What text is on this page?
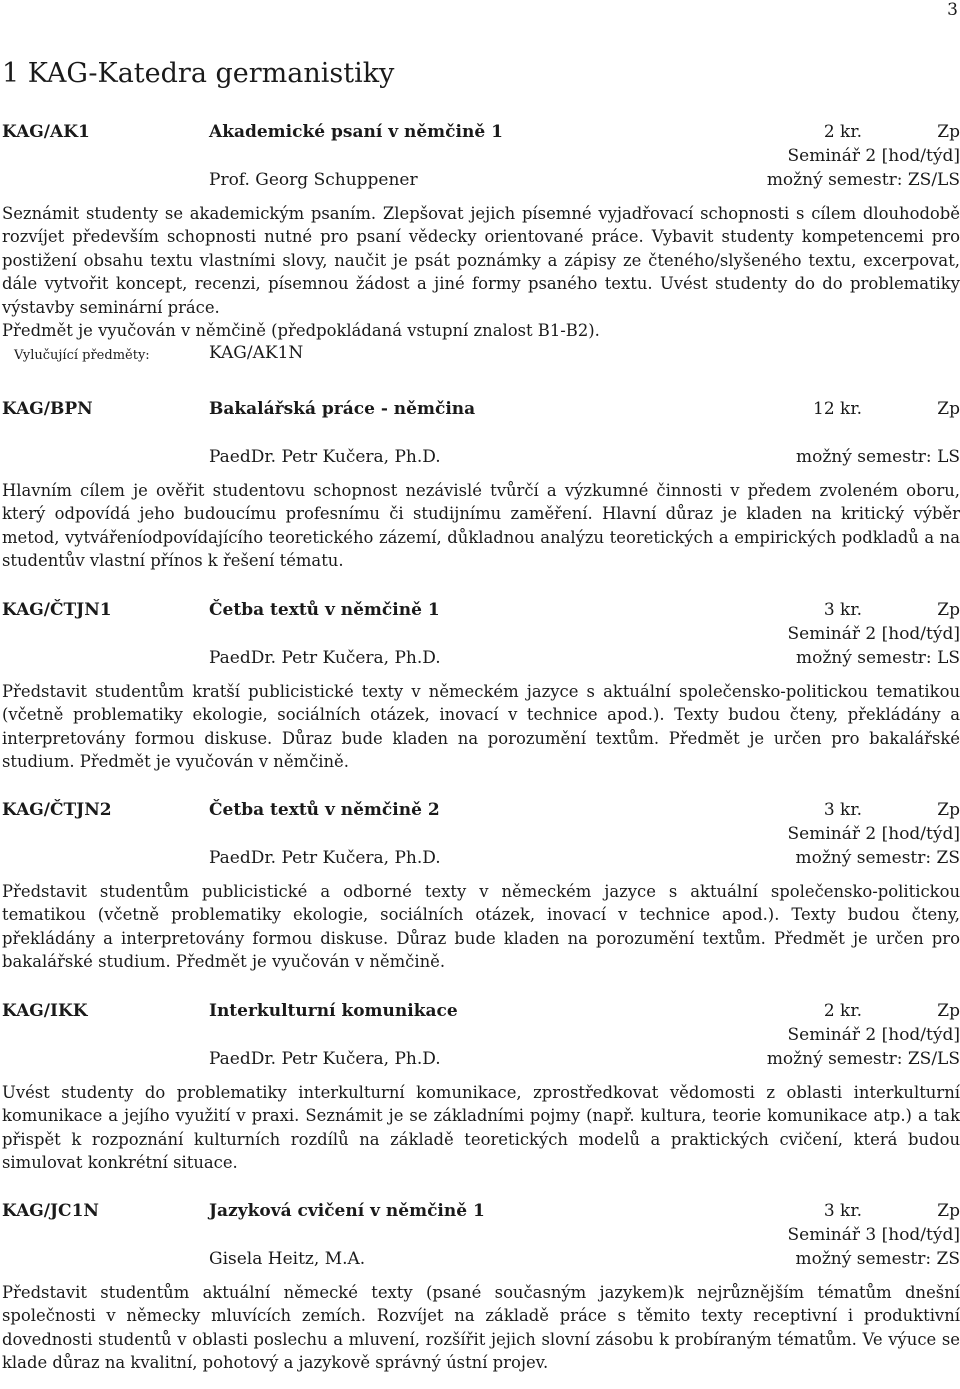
3
1 KAG-Katedra germanistiky
KAG/AK1	Akademické psaní v němčině 1	2 kr.	Zp
Seminář 2 [hod/týd]
Prof. Georg Schuppener	možný semestr: ZS/LS
Seznámit studenty se akademickým psaním. Zlepšovat jejich písemné vyjadřovací schopnosti s cílem dlouhodobě rozvíjet především schopnosti nutné pro psaní vědecky orientované práce. Vybavit studenty kompetencemi pro postižení obsahu textu vlastními slovy, naučit je psát poznámky a zápisy ze čteného/slyšeného textu, excerpovat, dále vytvořit koncept, recenzi, písemnou žádost a jiné formy psaného textu. Uvést studenty do do problematiky výstavby seminární práce.
Předmět je vyučován v němčině (předpokládaná vstupní znalost B1-B2).
Vylučující předměty:	KAG/AK1N
KAG/BPN	Bakalářská práce - němčina	12 kr.	Zp
PaedDr. Petr Kučera, Ph.D.	možný semestr: LS
Hlavním cílem je ověřit studentovu schopnost nezávislé tvůrčí a výzkumné činnosti v předem zvoleném oboru, který odpovídá jeho budoucímu profesnímu či studijnímu zaměření. Hlavní důraz je kladen na kritický výběr metod, vytvářeníodpovídajícího teoretického zázemí, důkladnou analýzu teoretických a empirických podkladů a na studentův vlastní přínos k řešení tématu.
KAG/ČTJN1	Četba textů v němčině 1	3 kr.	Zp
Seminář 2 [hod/týd]
PaedDr. Petr Kučera, Ph.D.	možný semestr: LS
Představit studentům kratší publicistické texty v německém jazyce s aktuální společensko-politickou tematikou (včetně problematiky ekologie, sociálních otázek, inovací v technice apod.). Texty budou čteny, překládány a interpretovány formou diskuse. Důraz bude kladen na porozumění textům. Předmět je určen pro bakalářské studium. Předmět je vyučován v němčině.
KAG/ČTJN2	Četba textů v němčině 2	3 kr.	Zp
Seminář 2 [hod/týd]
PaedDr. Petr Kučera, Ph.D.	možný semestr: ZS
Představit studentům publicistické a odborné texty v německém jazyce s aktuální společensko-politickou tematikou (včetně problematiky ekologie, sociálních otázek, inovací v technice apod.). Texty budou čteny, překládány a interpretovány formou diskuse. Důraz bude kladen na porozumění textům. Předmět je určen pro bakalářské studium. Předmět je vyučován v němčině.
KAG/IKK	Interkulturní komunikace	2 kr.	Zp
Seminář 2 [hod/týd]
PaedDr. Petr Kučera, Ph.D.	možný semestr: ZS/LS
Uvést studenty do problematiky interkulturní komunikace, zprostředkovat vědomosti z oblasti interkulturní komunikace a jejího využití v praxi. Seznámit je se základními pojmy (např. kultura, teorie komunikace atp.) a tak přispět k rozpoznání kulturních rozdílů na základě teoretických modelů a praktických cvičení, která budou simulovat konkrétní situace.
KAG/JC1N	Jazyková cvičení v němčině 1	3 kr.	Zp
Seminář 3 [hod/týd]
Gisela Heitz, M.A.	možný semestr: ZS
Představit studentům aktuální německé texty (psané současným jazykem)k nejrůznějším tématům dnešní společnosti v německy mluvících zemích. Rozvíjet na základě práce s těmito texty receptivní i produktivní dovednosti studentů v oblasti poslechu a mluvení, rozšířit jejich slovní zásobu k probíraným tématům. Ve výuce se klade důraz na kvalitní, pohotový a jazykově správný ústní projev.
